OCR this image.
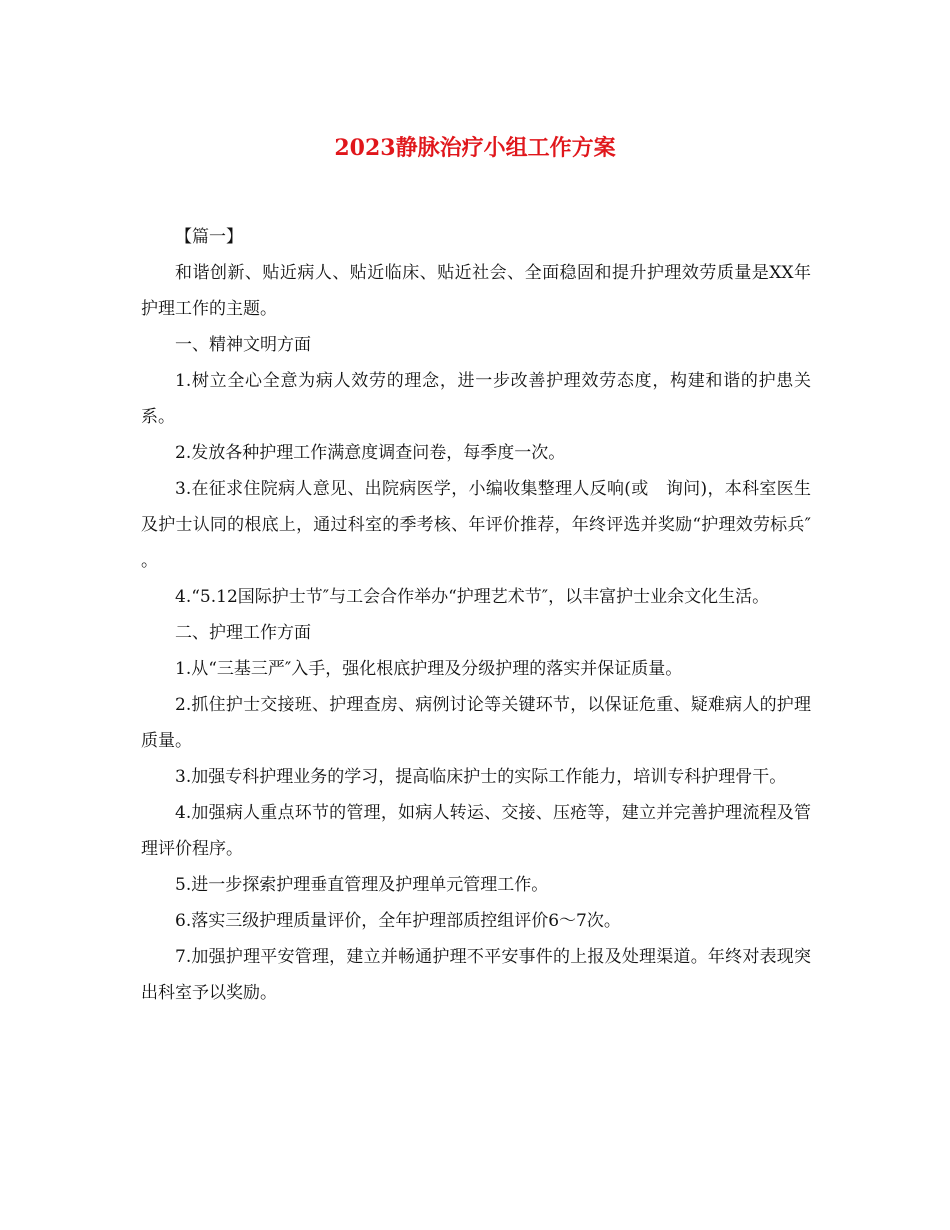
2023静脉治疗小组工作方案

【篇一】

和谐创新、贴近病人、贴近临床、贴近社会、全面稳固和提升护理效劳质量是XX年护理工作的主题。

一、精神文明方面

1.树立全心全意为病人效劳的理念，进一步改善护理效劳态度，构建和谐的护患关系。

2.发放各种护理工作满意度调查问卷，每季度一次。

3.在征求住院病人意见、出院病医学，小编收集整理人反响(或　询问)，本科室医生及护士认同的根底上，通过科室的季考核、年评价推荐，年终评选并奖励“护理效劳标兵″　。

4.“5.12国际护士节″与工会合作举办“护理艺术节″，以丰富护士业余文化生活。

二、护理工作方面

1.从“三基三严″入手，强化根底护理及分级护理的落实并保证质量。

2.抓住护士交接班、护理查房、病例讨论等关键环节，以保证危重、疑难病人的护理质量。

3.加强专科护理业务的学习，提高临床护士的实际工作能力，培训专科护理骨干。

4.加强病人重点环节的管理，如病人转运、交接、压疮等，建立并完善护理流程及管理评价程序。

5.进一步探索护理垂直管理及护理单元管理工作。

6.落实三级护理质量评价，全年护理部质控组评价6～7次。

7.加强护理平安管理，建立并畅通护理不平安事件的上报及处理渠道。年终对表现突出科室予以奖励。
